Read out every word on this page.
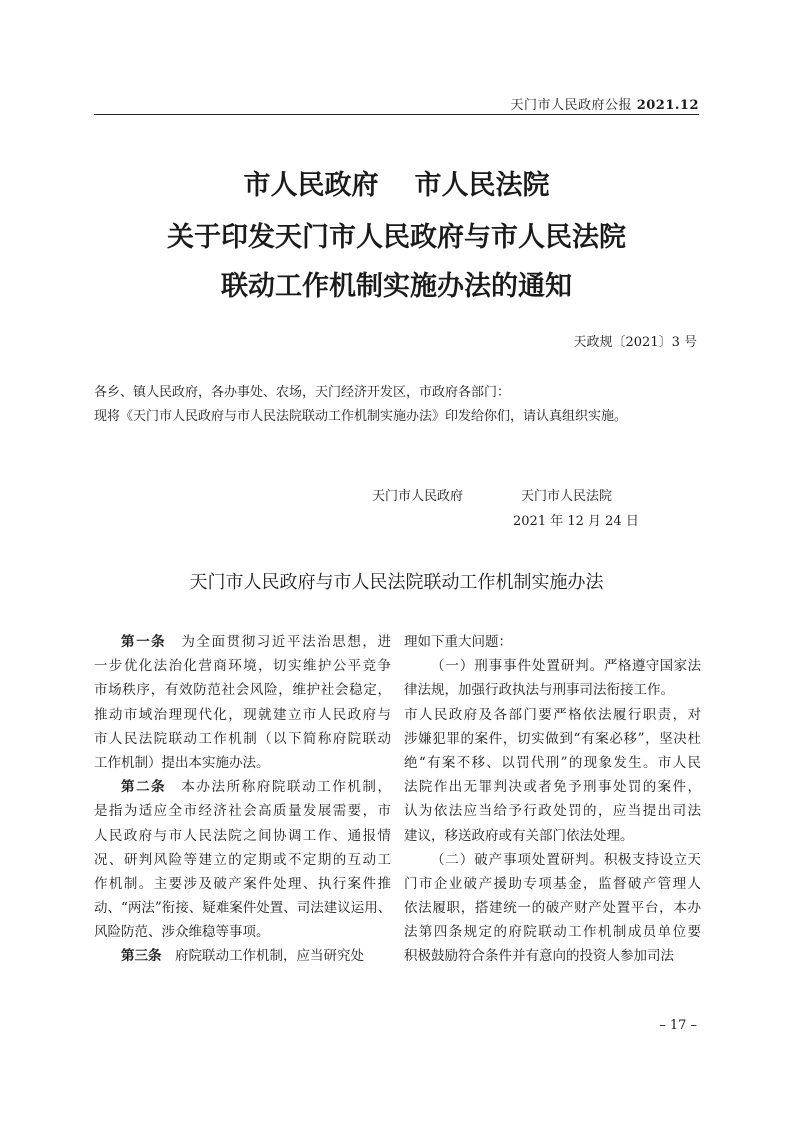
天门市人民政府公报 2021.12
市人民政府 市人民法院
关于印发天门市人民政府与市人民法院
联动工作机制实施办法的通知
天政规〔2021〕3 号
各乡、镇人民政府，各办事处、农场，天门经济开发区，市政府各部门：
现将《天门市人民政府与市人民法院联动工作机制实施办法》印发给你们，请认真组织实施。
天门市人民政府	天门市人民法院
2021 年 12 月 24 日
天门市人民政府与市人民法院联动工作机制实施办法
第一条　为全面贯彻习近平法治思想，进
一步优化法治化营商环境，切实维护公平竞争
市场秩序，有效防范社会风险，维护社会稳定，
推动市域治理现代化，现就建立市人民政府与
市人民法院联动工作机制（以下简称府院联动
工作机制）提出本实施办法。
第二条　本办法所称府院联动工作机制，
是指为适应全市经济社会高质量发展需要，市
人民政府与市人民法院之间协调工作、通报情
况、研判风险等建立的定期或不定期的互动工
作机制。主要涉及破产案件处理、执行案件推
动、“两法”衔接、疑难案件处置、司法建议运用、
风险防范、涉众维稳等事项。
第三条　府院联动工作机制，应当研究处
理如下重大问题：
（一）刑事事件处置研判。严格遵守国家法
律法规，加强行政执法与刑事司法衔接工作。
市人民政府及各部门要严格依法履行职责，对
涉嫌犯罪的案件，切实做到“有案必移”，坚决杜
绝“有案不移、以罚代刑”的现象发生。市人民
法院作出无罪判决或者免予刑事处罚的案件，
认为依法应当给予行政处罚的，应当提出司法
建议，移送政府或有关部门依法处理。
（二）破产事项处置研判。积极支持设立天
门市企业破产援助专项基金，监督破产管理人
依法履职，搭建统一的破产财产处置平台，本办
法第四条规定的府院联动工作机制成员单位要
积极鼓励符合条件并有意向的投资人参加司法
– 17 –
